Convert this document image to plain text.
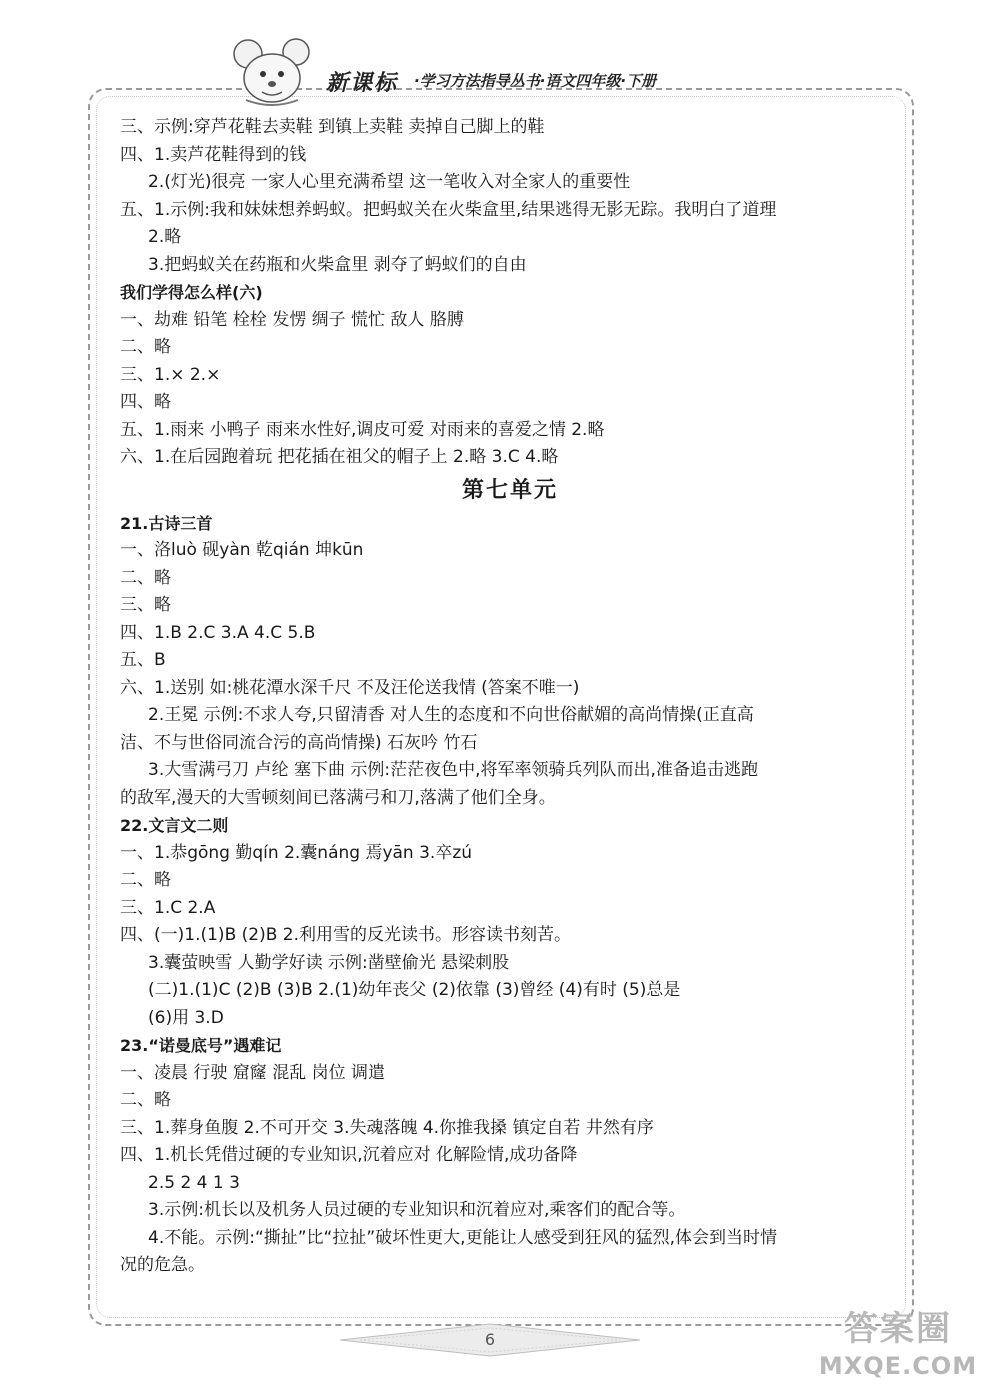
新课标 ·学习方法指导丛书·语文四年级·下册
三、示例:穿芦花鞋去卖鞋 到镇上卖鞋 卖掉自己脚上的鞋
四、1.卖芦花鞋得到的钱
2.(灯光)很亮 一家人心里充满希望 这一笔收入对全家人的重要性
五、1.示例:我和妹妹想养蚂蚁。把蚂蚁关在火柴盒里,结果逃得无影无踪。我明白了道理
2.略
3.把蚂蚁关在药瓶和火柴盒里 剥夺了蚂蚁们的自由
我们学得怎么样(六)
一、劫难 铅笔 栓栓 发愣 绸子 慌忙 敌人 胳膊
二、略
三、1.× 2.×
四、略
五、1.雨来 小鸭子 雨来水性好,调皮可爱 对雨来的喜爱之情 2.略
六、1.在后园跑着玩 把花插在祖父的帽子上 2.略 3.C 4.略
第七单元
21.古诗三首
一、洛luò 砚yàn 乾qián 坤kūn
二、略
三、略
四、1.B 2.C 3.A 4.C 5.B
五、B
六、1.送别 如:桃花潭水深千尺 不及汪伦送我情 (答案不唯一)
2.王冕 示例:不求人夸,只留清香 对人生的态度和不向世俗献媚的高尚情操(正直高
洁、不与世俗同流合污的高尚情操) 石灰吟 竹石
3.大雪满弓刀 卢纶 塞下曲 示例:茫茫夜色中,将军率领骑兵列队而出,准备追击逃跑
的敌军,漫天的大雪顿刻间已落满弓和刀,落满了他们全身。
22.文言文二则
一、1.恭gōng 勤qín 2.囊náng 焉yān 3.卒zú
二、略
三、1.C 2.A
四、(一)1.(1)B (2)B 2.利用雪的反光读书。形容读书刻苦。
3.囊萤映雪 人勤学好读 示例:凿壁偷光 悬梁刺股
(二)1.(1)C (2)B (3)B 2.(1)幼年丧父 (2)依靠 (3)曾经 (4)有时 (5)总是
(6)用 3.D
23.“诺曼底号”遇难记
一、凌晨 行驶 窟窿 混乱 岗位 调遣
二、略
三、1.葬身鱼腹 2.不可开交 3.失魂落魄 4.你推我搡 镇定自若 井然有序
四、1.机长凭借过硬的专业知识,沉着应对 化解险情,成功备降
2.5 2 4 1 3
3.示例:机长以及机务人员过硬的专业知识和沉着应对,乘客们的配合等。
4.不能。示例:“撕扯”比“拉扯”破坏性更大,更能让人感受到狂风的猛烈,体会到当时情
况的危急。
6	答案圈
MXQE.COM
